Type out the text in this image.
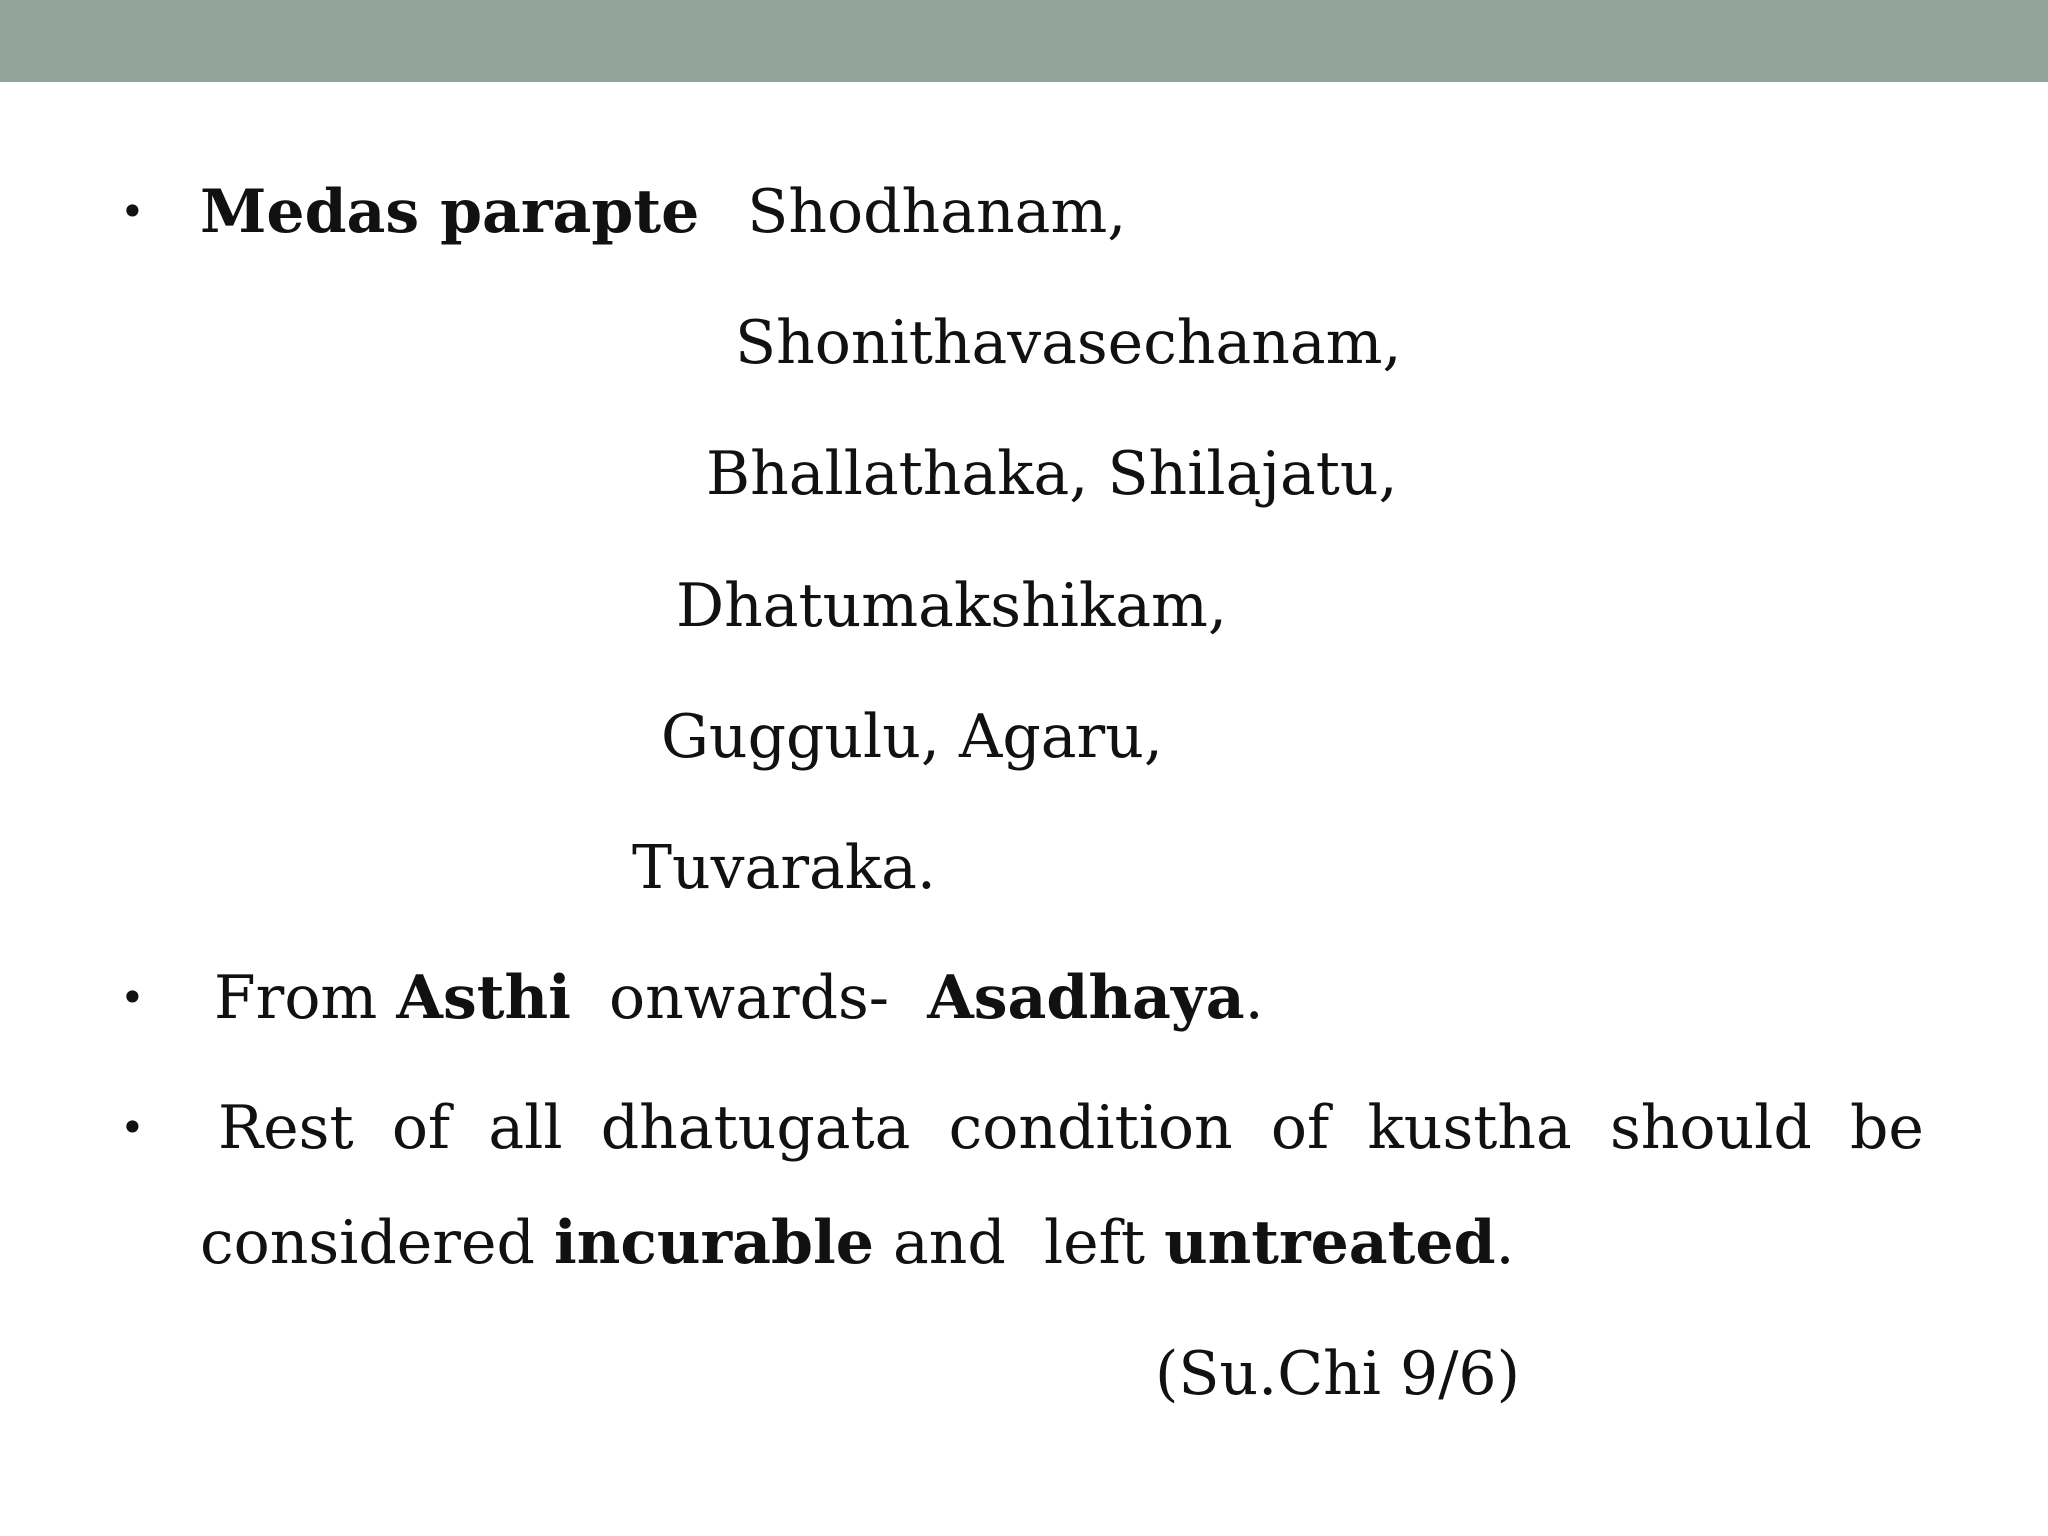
• Medas parapte Shodhanam,
Shonithavasechanam,
Bhallathaka, Shilajatu,
Dhatumakshikam,
Guggulu, Agaru,
Tuvaraka.
• From Asthi  onwards-  Asadhaya.
• Rest of all dhatugata condition of kustha should be
considered incurable and  left untreated.
(Su.Chi 9/6)
